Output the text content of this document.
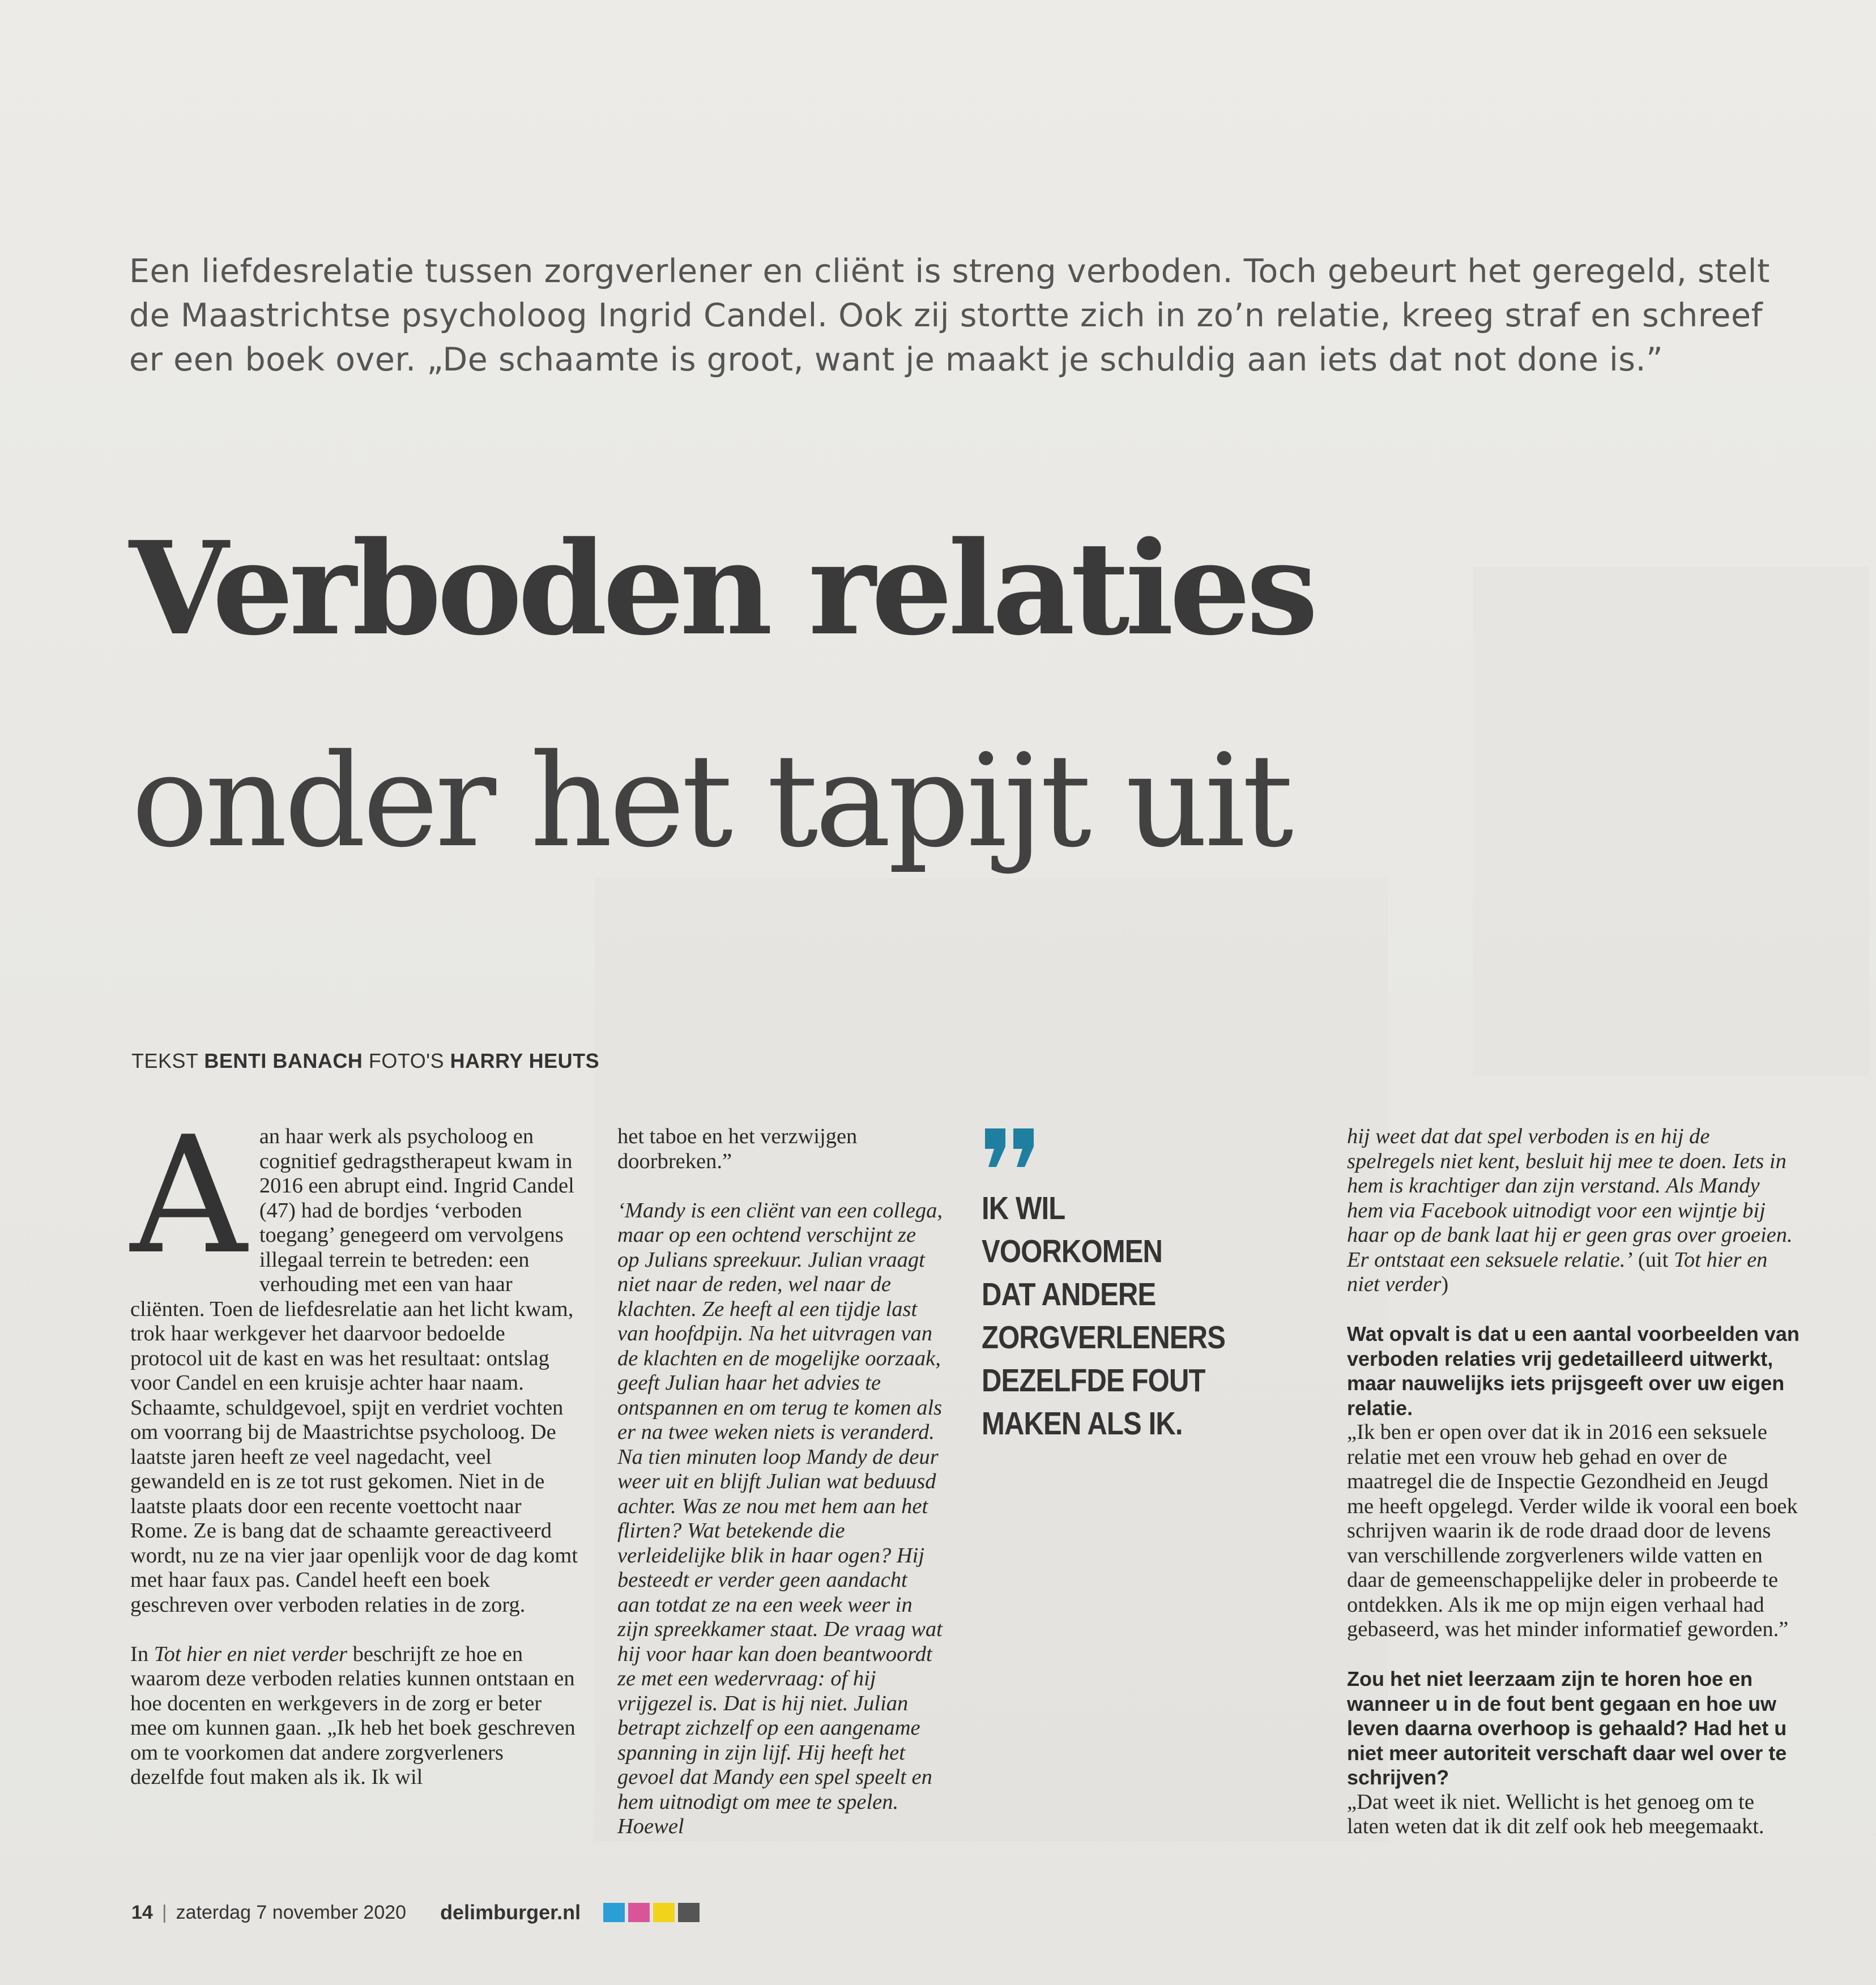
Een liefdesrelatie tussen zorgverlener en cliënt is streng verboden. Toch gebeurt het geregeld, stelt
de Maastrichtse psycholoog Ingrid Candel. Ook zij stortte zich in zo’n relatie, kreeg straf en schreef
er een boek over. „De schaamte is groot, want je maakt je schuldig aan iets dat not done is.”
Verboden relaties
onder het tapijt uit
TEKST BENTI BANACH FOTO'S HARRY HEUTS
A an haar werk als psycholoog en cognitief gedragstherapeut kwam in 2016 een abrupt eind. Ingrid Candel (47) had de bordjes ‘verboden toegang’ genegeerd om vervolgens illegaal terrein te betreden: een verhouding met een van haar cliënten. Toen de liefdesrelatie aan het licht kwam, trok haar werkgever het daarvoor bedoelde protocol uit de kast en was het resultaat: ontslag voor Candel en een kruisje achter haar naam. Schaamte, schuldgevoel, spijt en verdriet vochten om voorrang bij de Maastrichtse psycholoog. De laatste jaren heeft ze veel nagedacht, veel gewandeld en is ze tot rust gekomen. Niet in de laatste plaats door een recente voettocht naar Rome. Ze is bang dat de schaamte gereactiveerd wordt, nu ze na vier jaar openlijk voor de dag komt met haar faux pas. Candel heeft een boek geschreven over verboden relaties in de zorg.

In Tot hier en niet verder beschrijft ze hoe en waarom deze verboden relaties kunnen ontstaan en hoe docenten en werkgevers in de zorg er beter mee om kunnen gaan. „Ik heb het boek geschreven om te voorkomen dat andere zorgverleners dezelfde fout maken als ik. Ik wil

het taboe en het verzwijgen doorbreken.”

‘Mandy is een cliënt van een collega, maar op een ochtend verschijnt ze op Julians spreekuur. Julian vraagt niet naar de reden, wel naar de klachten. Ze heeft al een tijdje last van hoofdpijn. Na het uitvragen van de klachten en de mogelijke oorzaak, geeft Julian haar het advies te ontspannen en om terug te komen als er na twee weken niets is veranderd.

Na tien minuten loop Mandy de deur weer uit en blijft Julian wat beduusd achter. Was ze nou met hem aan het flirten? Wat betekende die verleidelijke blik in haar ogen? Hij besteedt er verder geen aandacht aan totdat ze na een week weer in zijn spreekkamer staat. De vraag wat hij voor haar kan doen beantwoordt ze met een wedervraag: of hij vrijgezel is. Dat is hij niet. Julian betrapt zichzelf op een aangename spanning in zijn lijf. Hij heeft het gevoel dat Mandy een spel speelt en hem uitnodigt om mee te spelen. Hoewel

IK WIL VOORKOMEN DAT ANDERE ZORGVERLENERS DEZELFDE FOUT MAKEN ALS IK.

hij weet dat dat spel verboden is en hij de spelregels niet kent, besluit hij mee te doen. Iets in hem is krachtiger dan zijn verstand. Als Mandy hem via Facebook uitnodigt voor een wijntje bij haar op de bank laat hij er geen gras over groeien. Er ontstaat een seksuele relatie.’ (uit Tot hier en niet verder)

Wat opvalt is dat u een aantal voorbeelden van verboden relaties vrij gedetailleerd uitwerkt, maar nauwelijks iets prijsgeeft over uw eigen relatie.

„Ik ben er open over dat ik in 2016 een seksuele relatie met een vrouw heb gehad en over de maatregel die de Inspectie Gezondheid en Jeugd me heeft opgelegd. Verder wilde ik vooral een boek schrijven waarin ik de rode draad door de levens van verschillende zorgverleners wilde vatten en daar de gemeenschappelijke deler in probeerde te ontdekken. Als ik me op mijn eigen verhaal had gebaseerd, was het minder informatief geworden.”

Zou het niet leerzaam zijn te horen hoe en wanneer u in de fout bent gegaan en hoe uw leven daarna overhoop is gehaald? Had het u niet meer autoriteit verschaft daar wel over te schrijven?

„Dat weet ik niet. Wellicht is het genoeg om te laten weten dat ik dit zelf ook heb meegemaakt.

14 | zaterdag 7 november 2020 delimburger.nl
